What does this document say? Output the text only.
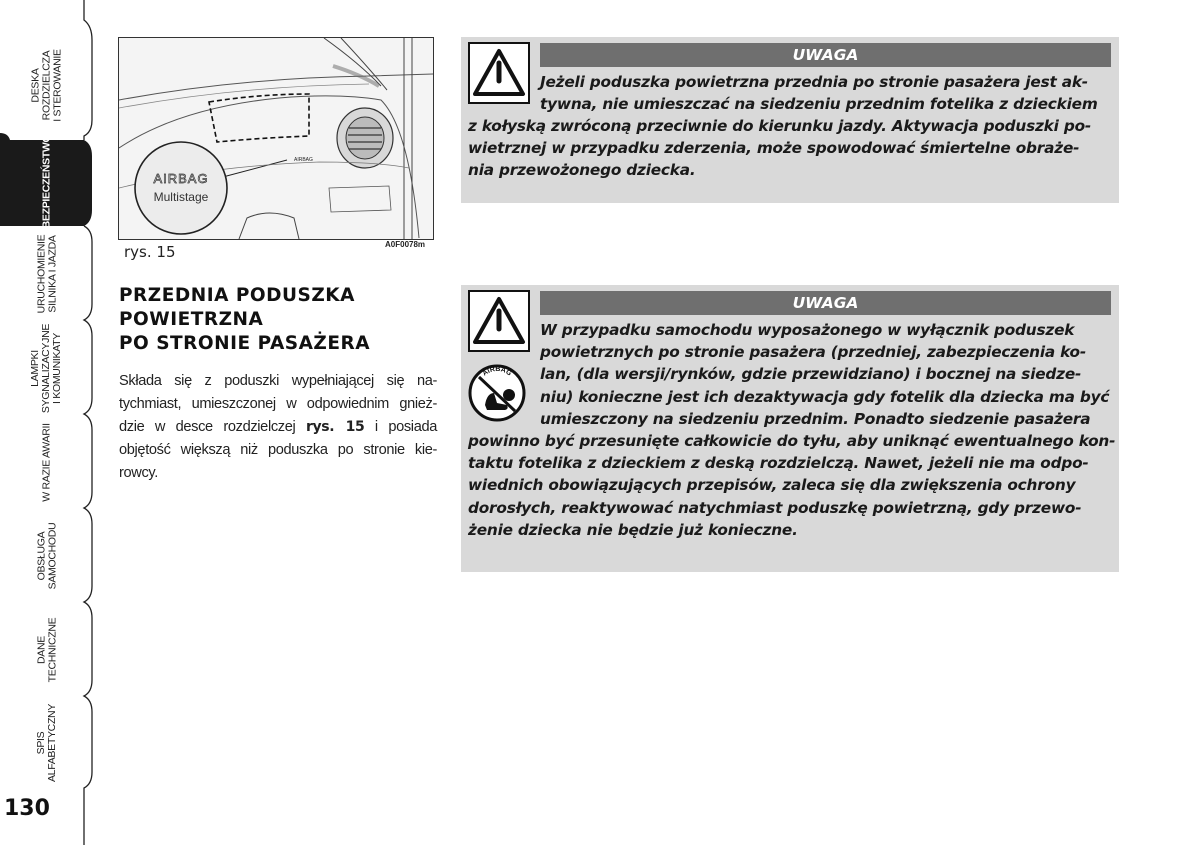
DESKA ROZDZIELCZA I STEROWANIE
BEZPIECZEŃSTWO
URUCHOMIENIE SILNIKA I JAZDA
LAMPKI SYGNALIZACYJNE I KOMUNIKATY
W RAZIE AWARII
OBSŁUGA SAMOCHODU
DANE TECHNICZNE
SPIS ALFABETYCZNY
130
AIRBAG
AIRBAG
Multistage
rys. 15	A0F0078m
PRZEDNIA PODUSZKA
POWIETRZNA
PO STRONIE PASAŻERA

Składa się z poduszki wypełniającej się na-
tychmiast, umieszczonej w odpowiednim gnież-
dzie w desce rozdzielczej rys. 15 i posiada
objętość większą niż poduszka po stronie kie-
rowcy.

UWAGA
Jeżeli poduszka powietrzna przednia po stronie pasażera jest ak-
tywna, nie umieszczać na siedzeniu przednim fotelika z dzieckiem
z kołyską zwróconą przeciwnie do kierunku jazdy. Aktywacja poduszki po-
wietrznej w przypadku zderzenia, może spowodować śmiertelne obraże-
nia przewożonego dziecka.
UWAGA
AIRBAG
W przypadku samochodu wyposażonego w wyłącznik poduszek
powietrznych po stronie pasażera (przedniej, zabezpieczenia ko-
lan, (dla wersji/rynków, gdzie przewidziano) i bocznej na siedze-
niu) konieczne jest ich dezaktywacja gdy fotelik dla dziecka ma być
umieszczony na siedzeniu przednim. Ponadto siedzenie pasażera
powinno być przesunięte całkowicie do tyłu, aby uniknąć ewentualnego kon-
taktu fotelika z dzieckiem z deską rozdzielczą. Nawet, jeżeli nie ma odpo-
wiednich obowiązujących przepisów, zaleca się dla zwiększenia ochrony
dorosłych, reaktywować natychmiast poduszkę powietrzną, gdy przewo-
żenie dziecka nie będzie już konieczne.
